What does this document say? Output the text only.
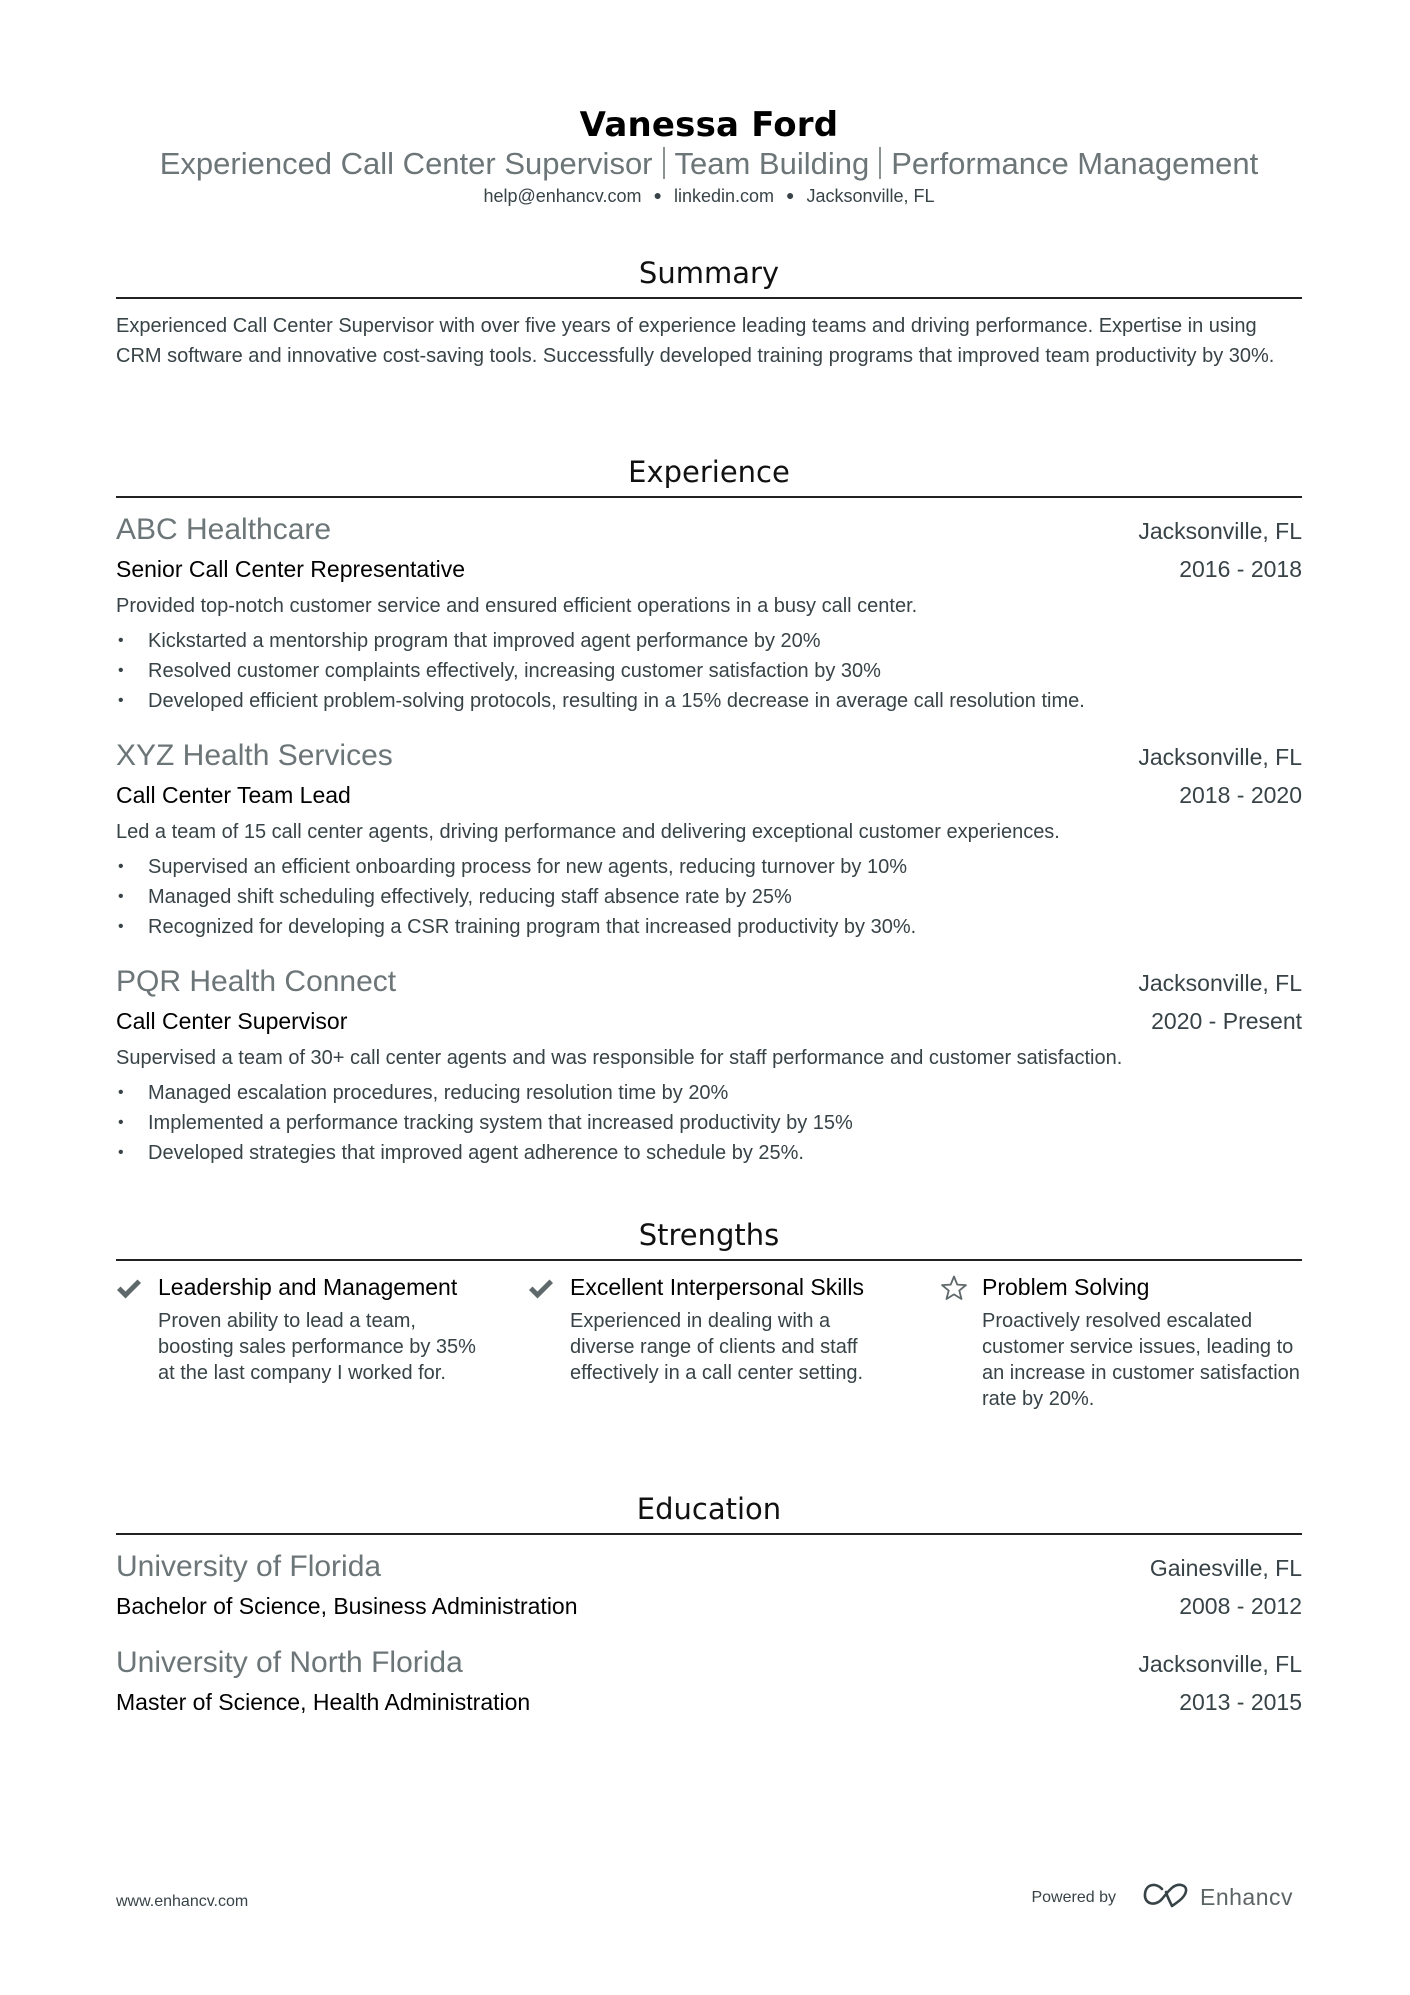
Vanessa Ford
Experienced Call Center Supervisor Team Building Performance Management
help@enhancv.com ● linkedin.com ● Jacksonville, FL
Summary
Experienced Call Center Supervisor with over five years of experience leading teams and driving performance. Expertise in using CRM software and innovative cost-saving tools. Successfully developed training programs that improved team productivity by 30%.
Experience
ABC Healthcare	Jacksonville, FL
Senior Call Center Representative	2016 - 2018
Provided top-notch customer service and ensured efficient operations in a busy call center.
• Kickstarted a mentorship program that improved agent performance by 20%
• Resolved customer complaints effectively, increasing customer satisfaction by 30%
• Developed efficient problem-solving protocols, resulting in a 15% decrease in average call resolution time.
XYZ Health Services	Jacksonville, FL
Call Center Team Lead	2018 - 2020
Led a team of 15 call center agents, driving performance and delivering exceptional customer experiences.
• Supervised an efficient onboarding process for new agents, reducing turnover by 10%
• Managed shift scheduling effectively, reducing staff absence rate by 25%
• Recognized for developing a CSR training program that increased productivity by 30%.
PQR Health Connect	Jacksonville, FL
Call Center Supervisor	2020 - Present
Supervised a team of 30+ call center agents and was responsible for staff performance and customer satisfaction.
• Managed escalation procedures, reducing resolution time by 20%
• Implemented a performance tracking system that increased productivity by 15%
• Developed strategies that improved agent adherence to schedule by 25%.
Strengths
Leadership and Management
Proven ability to lead a team, boosting sales performance by 35% at the last company I worked for.
Excellent Interpersonal Skills
Experienced in dealing with a diverse range of clients and staff effectively in a call center setting.
Problem Solving
Proactively resolved escalated customer service issues, leading to an increase in customer satisfaction rate by 20%.
Education
University of Florida	Gainesville, FL
Bachelor of Science, Business Administration	2008 - 2012
University of North Florida	Jacksonville, FL
Master of Science, Health Administration	2013 - 2015
www.enhancv.com	Powered by	Enhancv
